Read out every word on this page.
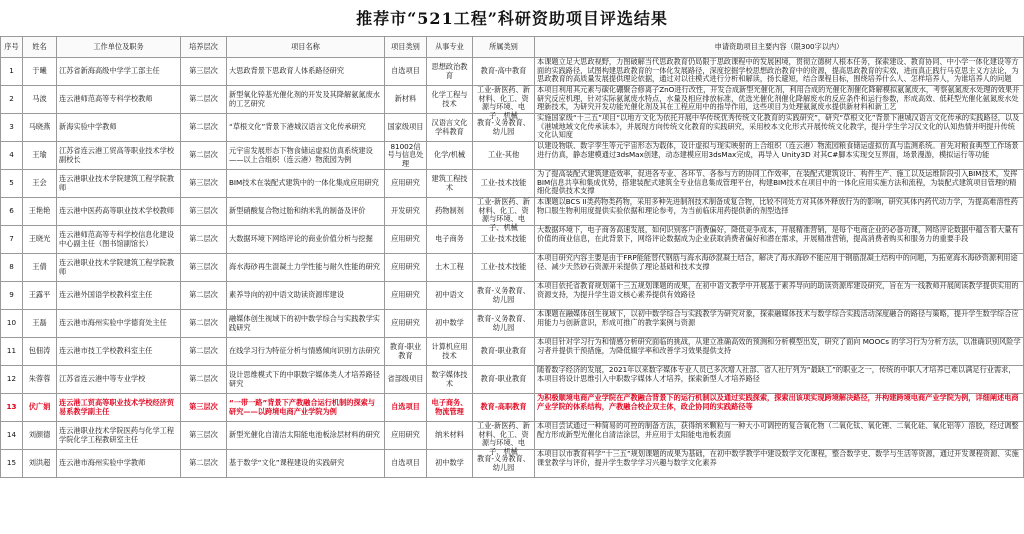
推荐市“521工程”科研资助项目评选结果
序号	姓名	工作单位及职务	培养层次	项目名称	项目类别	从事专业	所属类别	申请资助项目主要内容（限300字以内）

1	于曦	江苏省新海高级中学学工部主任	第三层次	大思政背景下思政育人体系路径研究	自选项目	思想政治教育	教育-高中教育	本课题立足大思政视野，力图破解当代思政教育仍局限于思政课程中的发展困境，贯彻立德树人根本任务，探索建设、教育协同、中小学一体化建设等方面的实践路径，试图构建思政教育的一体化发展路径，深度挖掘学校思想政治教育中的资源，提高思政教育的实效，进而真正践行马克思主义方法论，为思政教育的高质量发展提供理论依据，通过对以往模式进行分析和解读，扬长避短，结合课程目标，围绕培养什么人、怎样培养人，为谁培养人的问题

2	马波	连云港师范高等专科学校教师	第二层次	新型氧化锌基光催化剂的开发及其降解氨氮废水的工艺研究	新材料	化学工程与技术	工业-新医药、新材料、化工、资源与环境、电子、机械	本项目利用其元素与碳化硼聚合修离子ZnO进行改性，开发合成新型光催化剂，利用合成的光催化剂催化降解模拟氨氮废水，考察氨氮废水处理的效果并研究反应机理，针对实际氨氮废水特点，水量及相应排放标准，优选光催化剂催化降解废水的反应条件和运行参数，形成高效、低耗型光催化氨氮废水处理新技术，为研究开发功能光催化剂及其在工程应用中的指导作用，这些项目为处理氨氮废水提供新材料和新工艺

3	马晓燕	新海实验中学教师	第二层次	“草根文化”背景下港城汉语言文化传承研究	国家级项目	汉语言文化学科教育	教育-义务教育、幼儿园	实施国家级“十三五”项目“以地方文化为依托开展中华传统优秀传统文化教育的实践研究”，研究“草根文化”背景下港城汉语言文化传承的实践路径，以及《港城地域文化传承读本》，并展现方向传统文化教育的实践研究，采用校本文化形式开展传统文化教学，提升学生学习汉文化的认知热情并明提升传统文化认知度

4	王瑜	江苏省连云港工贸高等职业技术学校副校长	第二层次	元宇宙发展形态下物食储运虚拟仿真系统建设——以上合组织（连云港）物流园为例	81002信号与信息处理	化学/机械	工业-其他	以建设物联、数字孪生等元宇宙形态为载体，设计虚拟与现实映射的上合组织（连云港）物流园粮食储运虚拟仿真与监测系统。首先对粮食典型工作场景进行仿真，静态建模通过3dsMax创建，动态建模应用3dsMax完成，再导入 Unity3D 对其C#脚本实现交互界面，场景漫游，模拟运行等功能

5	王会	连云港职业技术学院建筑工程学院教师	第三层次	BIM技术在装配式建筑中的一体化集成应用研究	应用研究	建筑工程技术	工业-技术技能	为了提高装配式建筑建造效率，促进各专业、各环节、各参与方的协同工作效率，在装配式建筑设计、构件生产、施工以及运维阶段引入BIM技术，发挥BIM信息共享和集成优势，搭建装配式建筑全专业信息集成管理平台，构建BIM技术在项目中的一体化应用实施方法和流程，为装配式建筑项目管理的精细化提供技术支撑

6	王艳艳	连云港中医药高等职业技术学校教师	第三层次	新型硝酸复合物过胎和纳米乳的制备及评价	开发研究	药物制剂	工业-新医药、新材料、化工、资源与环境、电子、机械	本课题以BCS II类药物类药物，采用多种先进制剂技术制备成复合物，比较不同处方对其体外释放行为的影响，研究其体内药代动力学，为提高难溶性药物口服生物利用度提供实验依据和理论参考，为当前临床用药提供新的剂型选择

7	王晓光	连云港师范高等专科学校信息化建设中心副主任（图书馆副馆长）	第二层次	大数据环境下网络评论的商业价值分析与挖掘	应用研究	电子商务	工业-技术技能	大数据环境下，电子商务高速发展，如何识别客户消费偏好，降低竞争成本，开展精准营销，是每个电商企业的必备功课，网络评论数据中蕴含着大量有价值的商业信息，在此背景下，网络评论数据成为企业获取消费者偏好和潜在需求，开展精准营销，提高消费者购买和服务力的重要手段

8	王倩	连云港职业技术学院建筑工程学院教师	第三层次	海水海砂再生混凝土力学性能与耐久性能的研究	应用研究	土木工程	工业-技术技能	本项目研究内容主要是由于FRP能能替代钢筋与海水海砂混凝土结合，解决了海水海砂不能应用于钢筋混凝土结构中的问题，为拓宽海水海砂资源利用途径、减少天然砂石资源开采提供了理论基础和技术支撑

9	王露平	连云港外国语学校教科室主任	第二层次	素养导向的初中语文助读资源库建设	应用研究	初中语文	教育-义务教育、幼儿园	本项目依托省教育规划第十三五规划课题的成果，在初中语文教学中开展基于素养导向的助读资源库建设研究，旨在为一线教师开展阅读教学提供实用的资源支持，为提升学生语文核心素养提供有效路径

10	王磊	连云港市海州实验中学德育处主任	第二层次	融媒体创生视域下的初中数学综合与实践教学实践研究	应用研究	初中数学	教育-义务教育、幼儿园	本课题在融媒体创生视域下，以初中数学综合与实践教学为研究对象，探索融媒体技术与数学综合实践活动深度融合的路径与策略，提升学生数学综合应用能力与创新意识，形成可推广的教学案例与资源

11	包佃涛	连云港市技工学校教科室主任	第二层次	在线学习行为特征分析与情感倾向识别方法研究	教育-职业教育	计算机应用技术	教育-职业教育	本项目针对学习行为和情感分析研究面临的挑战，从建立准确高效的预测和分析模型出发，研究了面向 MOOCs 的学习行为分析方法，以准确识别风险学习者并提供干预措施，为降低辍学率和改善学习效果提供支持

12	朱蓉蓉	江苏省连云港中等专业学校	第二层次	设计思维模式下的中职数字媒体类人才培养路径研究	省部级项目	数字媒体技术	教育-职业教育	随着数字经济的发展，2021年以来数字媒体专业人员已多次增人社部、省人社厅列为“最缺工”的职业之一，传统的中职人才培养已难以满足行业需求，本项目将设计思维引入中职数字媒体人才培养，探索新型人才培养路径

13	伏广娟	连云港工贸高等职业技术学校经济贸易系教学副主任	第三层次	“一带一路”背景下产教融合运行机制的探索与研究——以跨境电商产业学院为例	自选项目	电子商务、物流管理	教育-高职教育	为积极顺境电商产业学院在产教融合背景下的运行机制以及通过实践探索，探索出该项实现跨境解决路径，并构建跨境电商产业学院为例，详细阐述电商产业学院的体系结构，产教融合校企双主体，政企协同的实践路径等

14	刘颜德	连云港职业技术学院医药与化学工程学院化学工程教研室主任	第三层次	新型光催化自清洁太阳能电池板涂层材料的研究	应用研究	纳米材料	工业-新医药、新材料、化工、资源与环境、电子、机械	本项目尝试通过一种简易的可控的制备方法，获得纳米颗粒与一种大小可调控的复合氧化物（二氧化钛、氧化锂、二氧化硅、氧化铝等）溶胶，经过调整配方形成新型光催化自清洁涂层，并应用于太阳能电池板表面

15	刘洪超	连云港市海州实验中学教师	第二层次	基于数学“文化”课程建设的实践研究	自选项目	初中数学	教育-义务教育、幼儿园	本项目以市教育科学“十三五”规划课题的成果为基础，在初中数学教学中建设数学文化课程，整合数学史、数学与生活等资源，通过开发课程资源、实施课堂教学与评价，提升学生数学学习兴趣与数学文化素养
